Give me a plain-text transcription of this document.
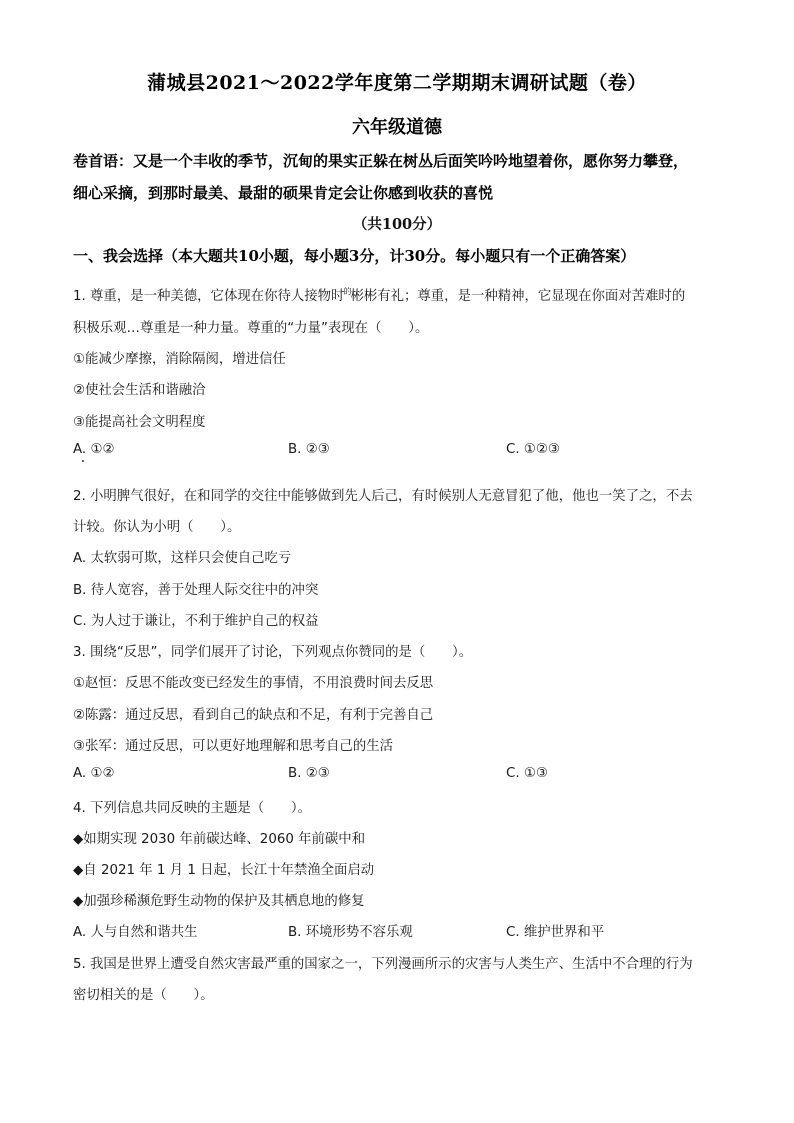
蒲城县2021～2022学年度第二学期期末调研试题（卷）
六年级道德
卷首语：又是一个丰收的季节，沉甸的果实正躲在树丛后面笑吟吟地望着你，愿你努力攀登，
细心采摘，到那时最美、最甜的硕果肯定会让你感到收获的喜悦
（共100分）
一、我会选择（本大题共10小题，每小题3分，计30分。每小题只有一个正确答案）
1. 尊重，是一种美德，它体现在你待人接物时$^的$彬彬有礼；尊重，是一种精神，它显现在你面对苦难时的
积极乐观…尊重是一种力量。尊重的“力量”表现在（　　）。
①能减少摩擦，消除隔阂，增进信任
②使社会生活和谐融洽
③能提高社会文明程度
A. ①②	B. ②③	C. ①②③
2. 小明脾气很好，在和同学的交往中能够做到先人后己，有时候别人无意冒犯了他，他也一笑了之，不去
计较。你认为小明（　　）。
A. 太软弱可欺，这样只会使自己吃亏
B. 待人宽容，善于处理人际交往中的冲突
C. 为人过于谦让，不利于维护自己的权益
3. 围绕“反思”，同学们展开了讨论，下列观点你赞同的是（　　）。
①赵恒：反思不能改变已经发生的事情，不用浪费时间去反思
②陈露：通过反思，看到自己的缺点和不足，有利于完善自己
③张军：通过反思，可以更好地理解和思考自己的生活
A. ①②	B. ②③	C. ①③
4. 下列信息共同反映的主题是（　　）。
◆如期实现 2030 年前碳达峰、2060 年前碳中和
◆自 2021 年 1 月 1 日起，长江十年禁渔全面启动
◆加强珍稀濒危野生动物的保护及其栖息地的修复
A. 人与自然和谐共生	B. 环境形势不容乐观	C. 维护世界和平
5. 我国是世界上遭受自然灾害最严重的国家之一，下列漫画所示的灾害与人类生产、生活中不合理的行为
密切相关的是（　　）。
